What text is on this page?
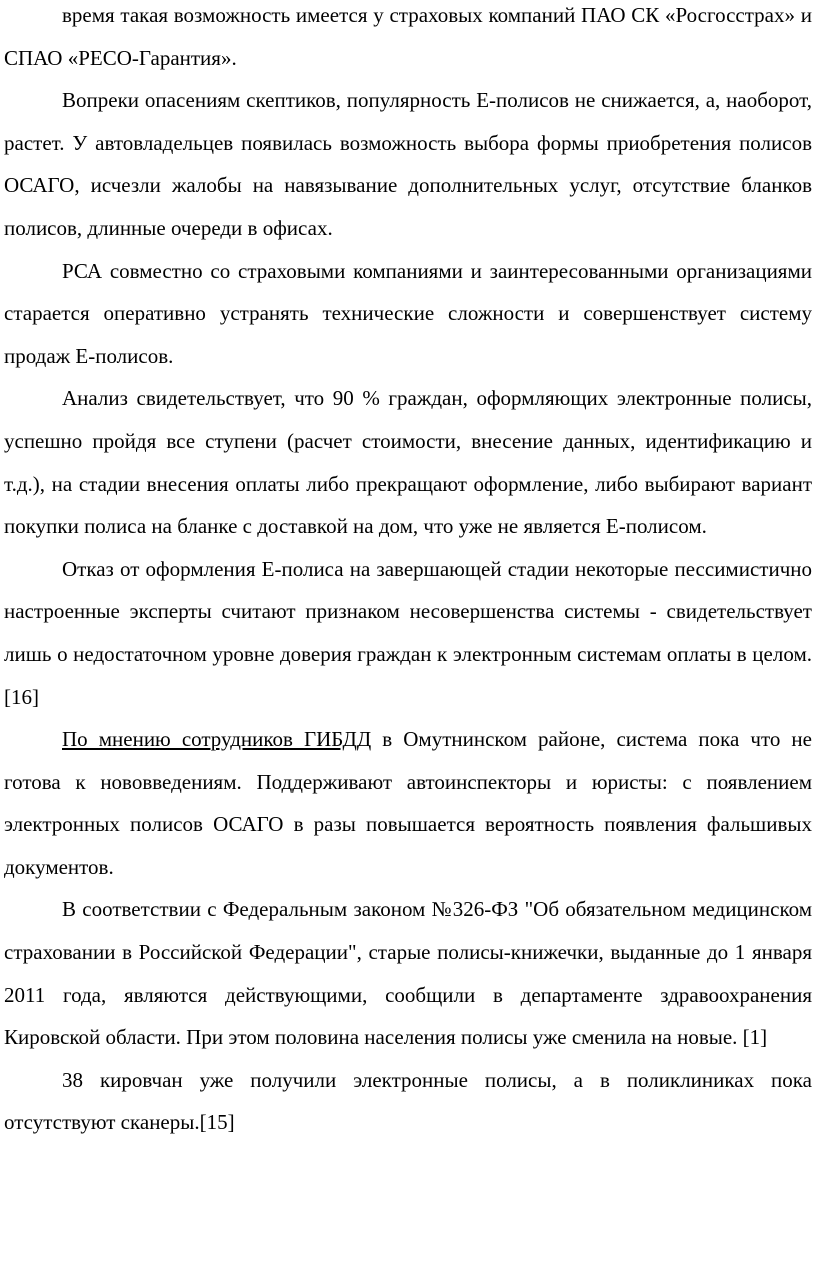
время такая возможность имеется у страховых компаний ПАО СК «Росгосстрах» и СПАО «РЕСО-Гарантия».

Вопреки опасениям скептиков, популярность Е-полисов не снижается, а, наоборот, растет. У автовладельцев появилась возможность выбора формы приобретения полисов ОСАГО, исчезли жалобы на навязывание дополнительных услуг, отсутствие бланков полисов, длинные очереди в офисах.

РСА совместно со страховыми компаниями и заинтересованными организациями старается оперативно устранять технические сложности и совершенствует систему продаж Е-полисов.

Анализ свидетельствует, что 90 % граждан, оформляющих электронные полисы, успешно пройдя все ступени (расчет стоимости, внесение данных, идентификацию и т.д.), на стадии внесения оплаты либо прекращают оформление, либо выбирают вариант покупки полиса на бланке с доставкой на дом, что уже не является Е-полисом.

Отказ от оформления Е-полиса на завершающей стадии некоторые пессимистично настроенные эксперты считают признаком несовершенства системы - свидетельствует лишь о недостаточном уровне доверия граждан к электронным системам оплаты в целом.[16]

По мнению сотрудников ГИБДД в Омутнинском районе, система пока что не готова к нововведениям. Поддерживают автоинспекторы и юристы: с появлением электронных полисов ОСАГО в разы повышается вероятность появления фальшивых документов.

В соответствии с Федеральным законом №326-ФЗ "Об обязательном медицинском страховании в Российской Федерации", старые полисы-книжечки, выданные до 1 января 2011 года, являются действующими, сообщили в департаменте здравоохранения Кировской области. При этом половина населения полисы уже сменила на новые. [1]

38 кировчан уже получили электронные полисы, а в поликлиниках пока отсутствуют сканеры.[15]
